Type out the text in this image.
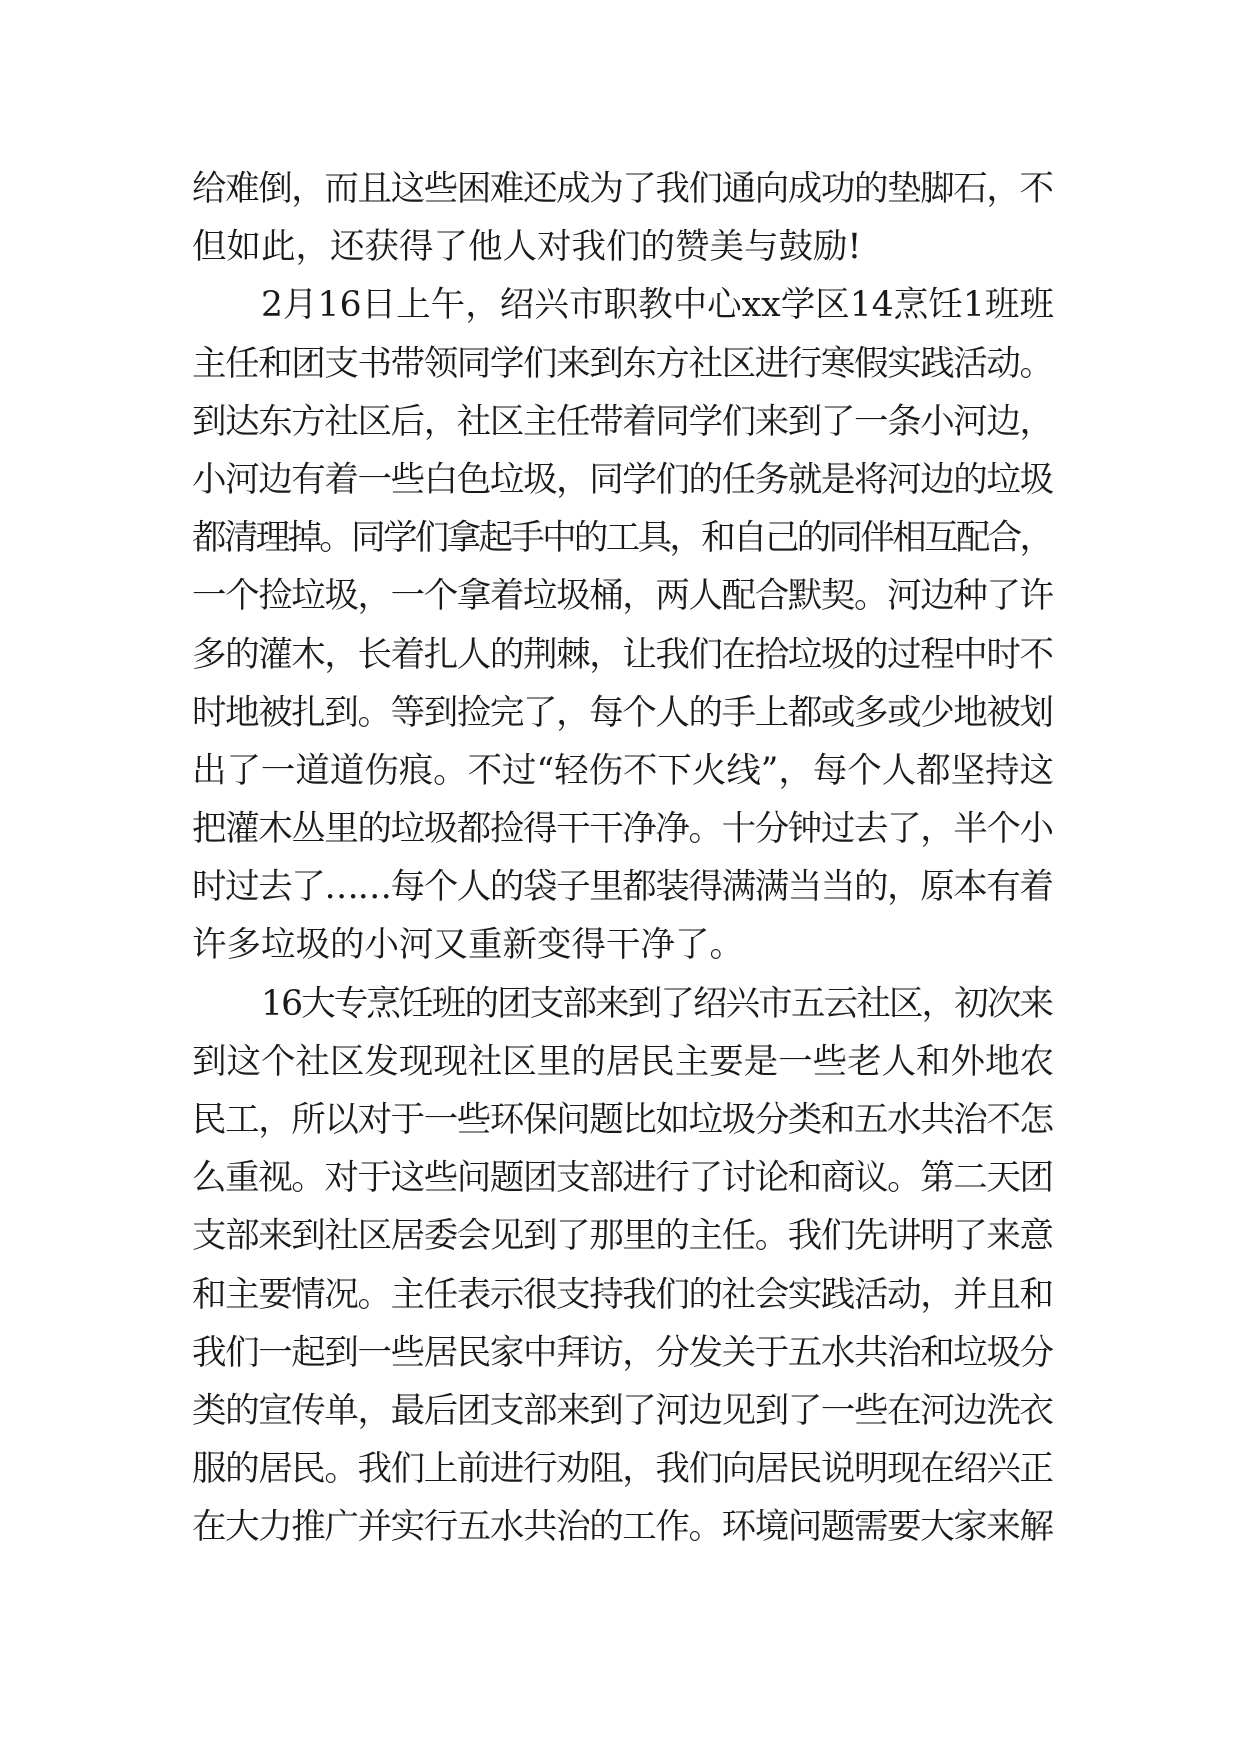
给难倒，而且这些困难还成为了我们通向成功的垫脚石，不
但如此，还获得了他人对我们的赞美与鼓励!
2月16日上午，绍兴市职教中心xx学区14烹饪1班班
主任和团支书带领同学们来到东方社区进行寒假实践活动。
到达东方社区后，社区主任带着同学们来到了一条小河边，
小河边有着一些白色垃圾，同学们的任务就是将河边的垃圾
都清理掉。同学们拿起手中的工具，和自己的同伴相互配合，
一个捡垃圾，一个拿着垃圾桶，两人配合默契。河边种了许
多的灌木，长着扎人的荆棘，让我们在拾垃圾的过程中时不
时地被扎到。等到捡完了，每个人的手上都或多或少地被划
出了一道道伤痕。不过“轻伤不下火线”，每个人都坚持这
把灌木丛里的垃圾都捡得干干净净。十分钟过去了，半个小
时过去了……每个人的袋子里都装得满满当当的，原本有着
许多垃圾的小河又重新变得干净了。
16大专烹饪班的团支部来到了绍兴市五云社区，初次来
到这个社区发现现社区里的居民主要是一些老人和外地农
民工，所以对于一些环保问题比如垃圾分类和五水共治不怎
么重视。对于这些问题团支部进行了讨论和商议。第二天团
支部来到社区居委会见到了那里的主任。我们先讲明了来意
和主要情况。主任表示很支持我们的社会实践活动，并且和
我们一起到一些居民家中拜访，分发关于五水共治和垃圾分
类的宣传单，最后团支部来到了河边见到了一些在河边洗衣
服的居民。我们上前进行劝阻，我们向居民说明现在绍兴正
在大力推广并实行五水共治的工作。环境问题需要大家来解
